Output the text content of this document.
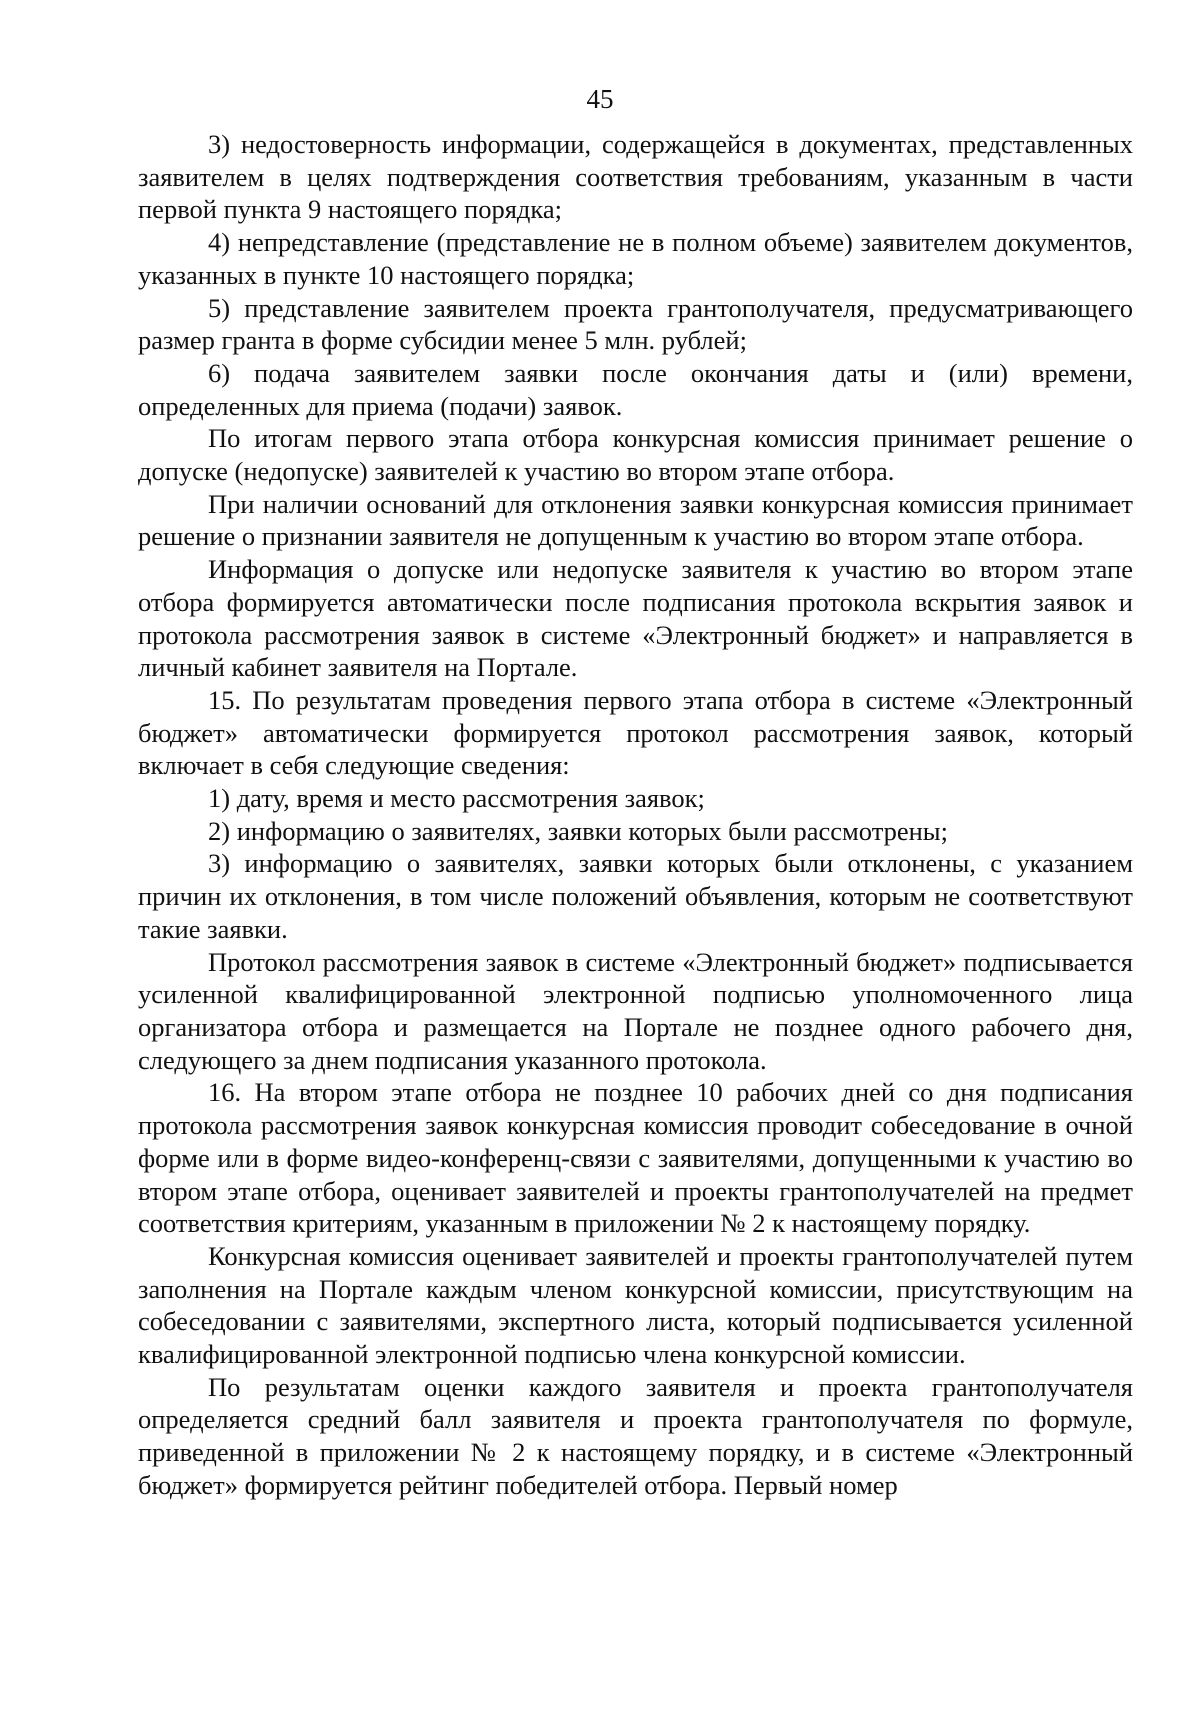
45

3) недостоверность информации, содержащейся в документах, представленных заявителем в целях подтверждения соответствия требованиям, указанным в части первой пункта 9 настоящего порядка;

4) непредставление (представление не в полном объеме) заявителем документов, указанных в пункте 10 настоящего порядка;

5) представление заявителем проекта грантополучателя, предусматривающего размер гранта в форме субсидии менее 5 млн. рублей;

6) подача заявителем заявки после окончания даты и (или) времени, определенных для приема (подачи) заявок.

По итогам первого этапа отбора конкурсная комиссия принимает решение о допуске (недопуске) заявителей к участию во втором этапе отбора.

При наличии оснований для отклонения заявки конкурсная комиссия принимает решение о признании заявителя не допущенным к участию во втором этапе отбора.

Информация о допуске или недопуске заявителя к участию во втором этапе отбора формируется автоматически после подписания протокола вскрытия заявок и протокола рассмотрения заявок в системе «Электронный бюджет» и направляется в личный кабинет заявителя на Портале.

15. По результатам проведения первого этапа отбора в системе «Электронный бюджет» автоматически формируется протокол рассмотрения заявок, который включает в себя следующие сведения:

1) дату, время и место рассмотрения заявок;

2) информацию о заявителях, заявки которых были рассмотрены;

3) информацию о заявителях, заявки которых были отклонены, с указанием причин их отклонения, в том числе положений объявления, которым не соответствуют такие заявки.

Протокол рассмотрения заявок в системе «Электронный бюджет» подписывается усиленной квалифицированной электронной подписью уполномоченного лица организатора отбора и размещается на Портале не позднее одного рабочего дня, следующего за днем подписания указанного протокола.

16. На втором этапе отбора не позднее 10 рабочих дней со дня подписания протокола рассмотрения заявок конкурсная комиссия проводит собеседование в очной форме или в форме видео-конференц-связи с заявителями, допущенными к участию во втором этапе отбора, оценивает заявителей и проекты грантополучателей на предмет соответствия критериям, указанным в приложении № 2 к настоящему порядку.

Конкурсная комиссия оценивает заявителей и проекты грантополучателей путем заполнения на Портале каждым членом конкурсной комиссии, присутствующим на собеседовании с заявителями, экспертного листа, который подписывается усиленной квалифицированной электронной подписью члена конкурсной комиссии.

По результатам оценки каждого заявителя и проекта грантополучателя определяется средний балл заявителя и проекта грантополучателя по формуле, приведенной в приложении № 2 к настоящему порядку, и в системе «Электронный бюджет» формируется рейтинг победителей отбора. Первый номер
